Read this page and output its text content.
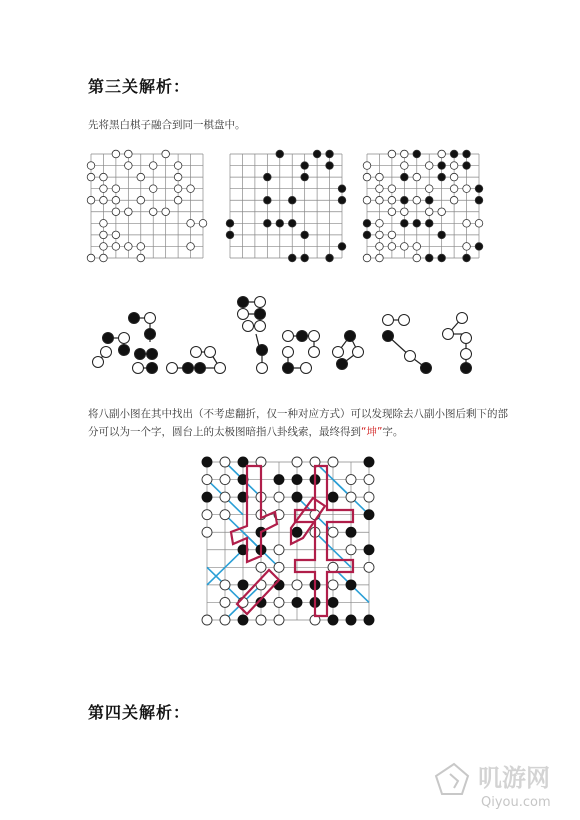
第三关解析：
先将黑白棋子融合到同一棋盘中。
将八副小图在其中找出（不考虑翻折，仅一种对应方式）可以发现除去八副小图后剩下的部分可以为一个字，圆台上的太极图暗指八卦线索，最终得到“坤”字。
第四关解析：
叽游网
Qiyou.com
